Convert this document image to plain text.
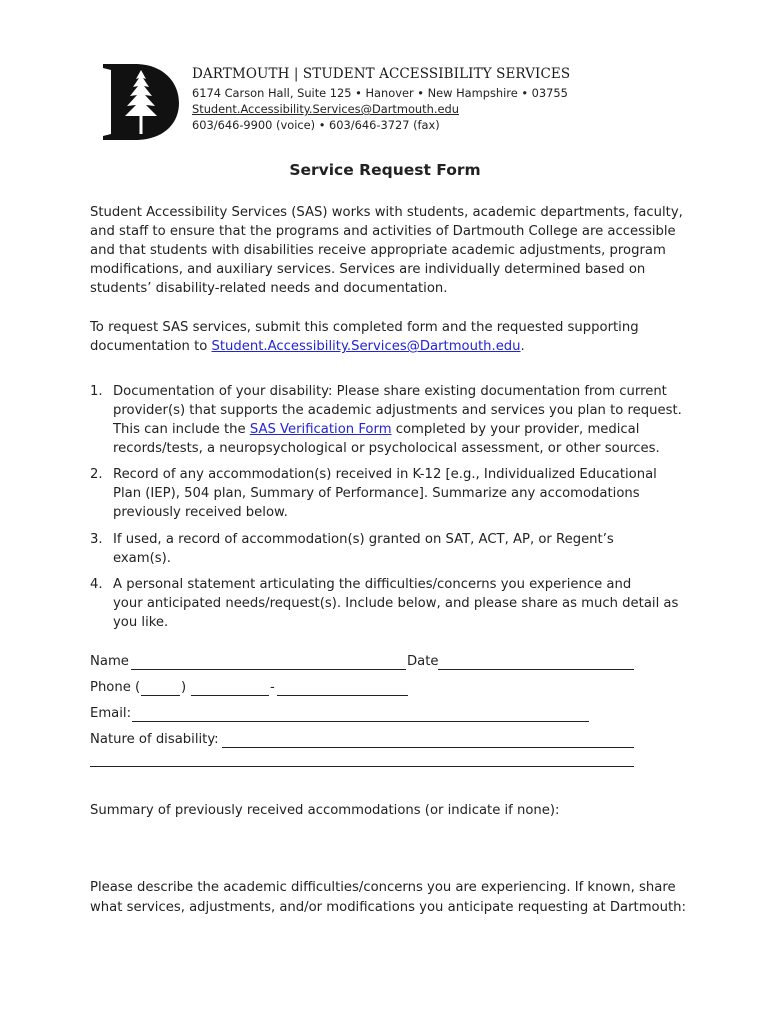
DARTMOUTH | STUDENT ACCESSIBILITY SERVICES
6174 Carson Hall, Suite 125 • Hanover • New Hampshire • 03755
Student.Accessibility.Services@Dartmouth.edu
603/646-9900 (voice) • 603/646-3727 (fax)
Service Request Form
Student Accessibility Services (SAS) works with students, academic departments, faculty,
and staff to ensure that the programs and activities of Dartmouth College are accessible
and that students with disabilities receive appropriate academic adjustments, program
modifications, and auxiliary services. Services are individually determined based on
students’ disability-related needs and documentation.
To request SAS services, submit this completed form and the requested supporting
documentation to Student.Accessibility.Services@Dartmouth.edu.
1. Documentation of your disability: Please share existing documentation from current
provider(s) that supports the academic adjustments and services you plan to request.
This can include the SAS Verification Form completed by your provider, medical
records/tests, a neuropsychological or psycholocical assessment, or other sources.
2. Record of any accommodation(s) received in K-12 [e.g., Individualized Educational
Plan (IEP), 504 plan, Summary of Performance]. Summarize any accomodations
previously received below.
3. If used, a record of accommodation(s) granted on SAT, ACT, AP, or Regent’s
exam(s).
4. A personal statement articulating the difficulties/concerns you experience and
your anticipated needs/request(s). Include below, and please share as much detail as
you like.
Name	Date
Phone (	)	-
Email:
Nature of disability:
Summary of previously received accommodations (or indicate if none):
Please describe the academic difficulties/concerns you are experiencing. If known, share
what services, adjustments, and/or modifications you anticipate requesting at Dartmouth:
